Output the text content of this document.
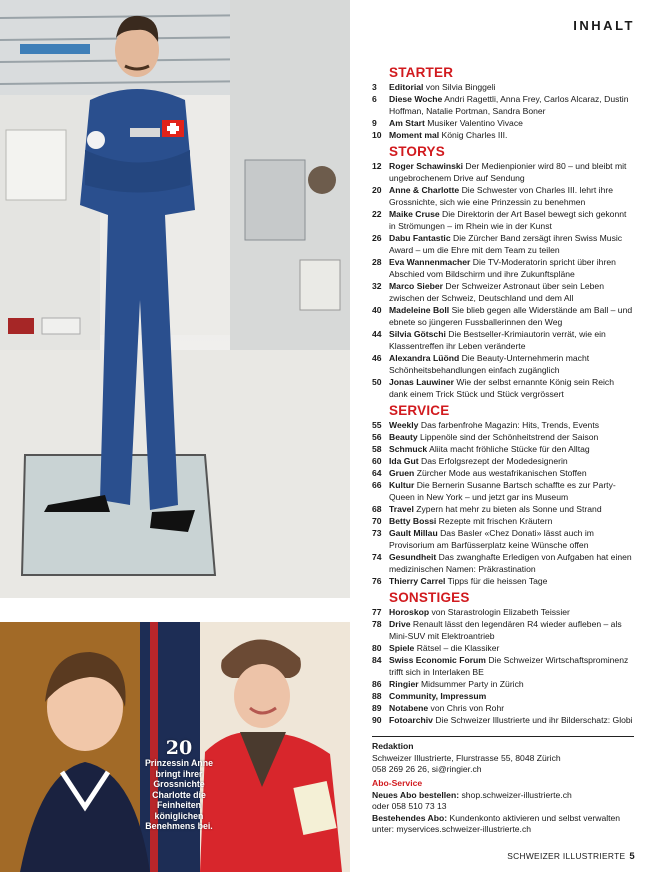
20
Prinzessin Anne bringt ihrer Grossnichte Charlotte die Feinheiten königlichen Benehmens bei.
INHALT
STARTER
3	Editorial von Silvia Binggeli
6	Diese Woche Andri Ragettli, Anna Frey, Carlos Alcaraz, Dustin Hoffman, Natalie Portman, Sandra Boner
9	Am Start Musiker Valentino Vivace
10 Moment mal König Charles III.
STORYS
12 Roger Schawinski Der Medienpionier wird 80 – und bleibt mit ungebrochenem Drive auf Sendung
20 Anne & Charlotte Die Schwester von Charles III. lehrt ihre Grossnichte, sich wie eine Prinzessin zu benehmen
22 Maike Cruse Die Direktorin der Art Basel bewegt sich gekonnt in Strömungen – im Rhein wie in der Kunst
26 Dabu Fantastic Die Zürcher Band zersägt ihren Swiss Music Award – um die Ehre mit dem Team zu teilen
28 Eva Wannenmacher Die TV-Moderatorin spricht über ihren Abschied vom Bildschirm und ihre Zukunftspläne
32 Marco Sieber Der Schweizer Astronaut über sein Leben zwischen der Schweiz, Deutschland und dem All
40 Madeleine Boll Sie blieb gegen alle Widerstände am Ball – und ebnete so jüngeren Fussballerinnen den Weg
44 Silvia Götschi Die Bestseller-Krimiautorin verrät, wie ein Klassentreffen ihr Leben veränderte
46 Alexandra Lüönd Die Beauty-Unternehmerin macht Schönheitsbehandlungen einfach zugänglich
50 Jonas Lauwiner Wie der selbst ernannte König sein Reich dank einem Trick Stück und Stück vergrössert
SERVICE
55 Weekly Das farbenfrohe Magazin: Hits, Trends, Events
56 Beauty Lippenöle sind der Schönheitstrend der Saison
58 Schmuck Aliita macht fröhliche Stücke für den Alltag
60 Ida Gut Das Erfolgsrezept der Modedesignerin
64 Gruen Zürcher Mode aus westafrikanischen Stoffen
66 Kultur Die Bernerin Susanne Bartsch schaffte es zur Party-Queen in New York – und jetzt gar ins Museum
68 Travel Zypern hat mehr zu bieten als Sonne und Strand
70 Betty Bossi Rezepte mit frischen Kräutern
73 Gault Millau Das Basler «Chez Donati» lässt auch im Provisorium am Barfüsserplatz keine Wünsche offen
74 Gesundheit Das zwanghafte Erledigen von Aufgaben hat einen medizinischen Namen: Präkrastination
76 Thierry Carrel Tipps für die heissen Tage
SONSTIGES
77 Horoskop von Starastrologin Elizabeth Teissier
78 Drive Renault lässt den legendären R4 wieder aufleben – als Mini-SUV mit Elektroantrieb
80 Spiele Rätsel – die Klassiker
84 Swiss Economic Forum Die Schweizer Wirtschaftsprominenz trifft sich in Interlaken BE
86 Ringier Midsummer Party in Zürich
88 Community, Impressum
89 Notabene von Chris von Rohr
90 Fotoarchiv Die Schweizer Illustrierte und ihr Bilderschatz: Globi
Redaktion
Schweizer Illustrierte, Flurstrasse 55, 8048 Zürich
058 269 26 26, si@ringier.ch
Abo-Service
Neues Abo bestellen: shop.schweizer-illustrierte.ch
oder 058 510 73 13
Bestehendes Abo: Kundenkonto aktivieren und selbst verwalten unter: myservices.schweizer-illustrierte.ch
SCHWEIZER ILLUSTRIERTE 5
